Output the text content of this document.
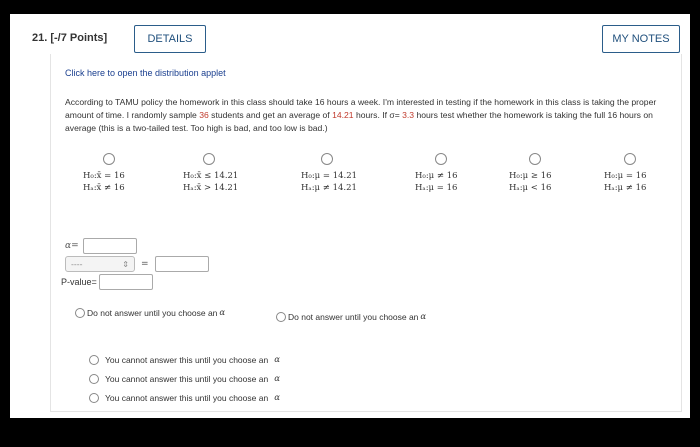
21. [-/7 Points]	DETAILS	MY NOTES
Click here to open the distribution applet
According to TAMU policy the homework in this class should take 16 hours a week. I'm interested in testing if the homework in this class is taking the proper amount of time. I randomly sample 36 students and get an average of 14.21 hours. If σ= 3.3 hours test whether the homework is taking the full 16 hours on average (this is a two-tailed test. Too high is bad, and too low is bad.)
H₀:x̄ = 16
Hₐ:x̄ ≠ 16
H₀:x̄ ≤ 14.21
Hₐ:x̄ > 14.21
H₀:μ = 14.21
Hₐ:μ ≠ 14.21
H₀:μ ≠ 16
Hₐ:μ = 16
H₀:μ ≥ 16
Hₐ:μ < 16
H₀:μ = 16
Hₐ:μ ≠ 16
α=
----	⇕ =
P-value=
Do not answer until you choose an α	Do not answer until you choose an α
You cannot answer this until you choose an α
You cannot answer this until you choose an α
You cannot answer this until you choose an α
